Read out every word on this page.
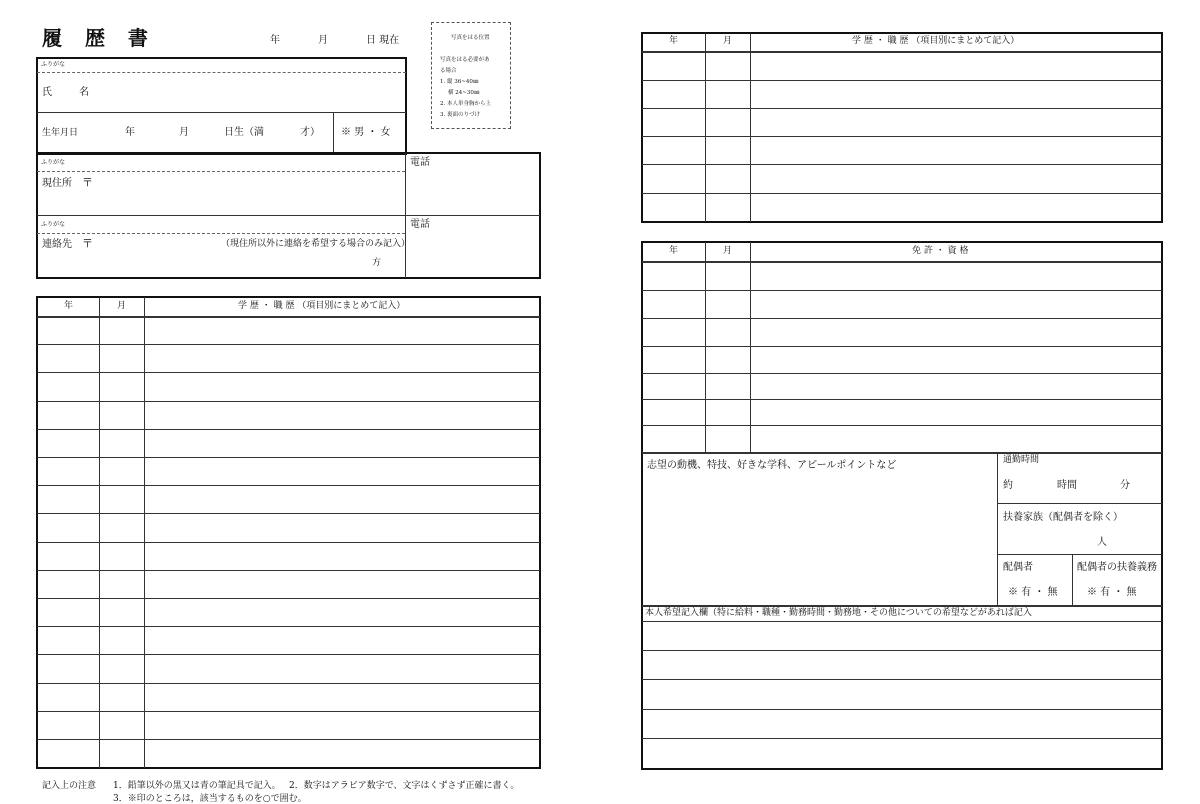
履 歴 書	年	月	日 現在	写真をはる位置
写真をはる必要があ
る場合
1. 縦 36~40㎜
横 24~30㎜
2. 本人単身胸から上
3. 裏面のりづけ
ふりがな
氏 名
生年月日	年	月	日生（満	才） ※ 男 ・ 女
ふりがな
現住所 〒
電話
ふりがな
連絡先 〒	（現住所以外に連絡を希望する場合のみ記入）
方
電話
年	月	学 歴 ・ 職 歴 （項目別にまとめて記入）
記入上の注意 1．鉛筆以外の黒又は青の筆記具で記入。 2．数字はアラビア数字で、文字はくずさず正確に書く。
3．※印のところは，該当するものを○で囲む。
年	月	学 歴 ・ 職 歴 （項目別にまとめて記入）
年	月	免 許 ・ 資 格
志望の動機、特技、好きな学科、アピールポイントなど	通勤時間
約	時間	分
扶養家族（配偶者を除く）
人
配偶者
※ 有 ・ 無
配偶者の扶養義務
※ 有 ・ 無
本人希望記入欄（特に給料・職種・勤務時間・勤務地・その他についての希望などがあれば記入
